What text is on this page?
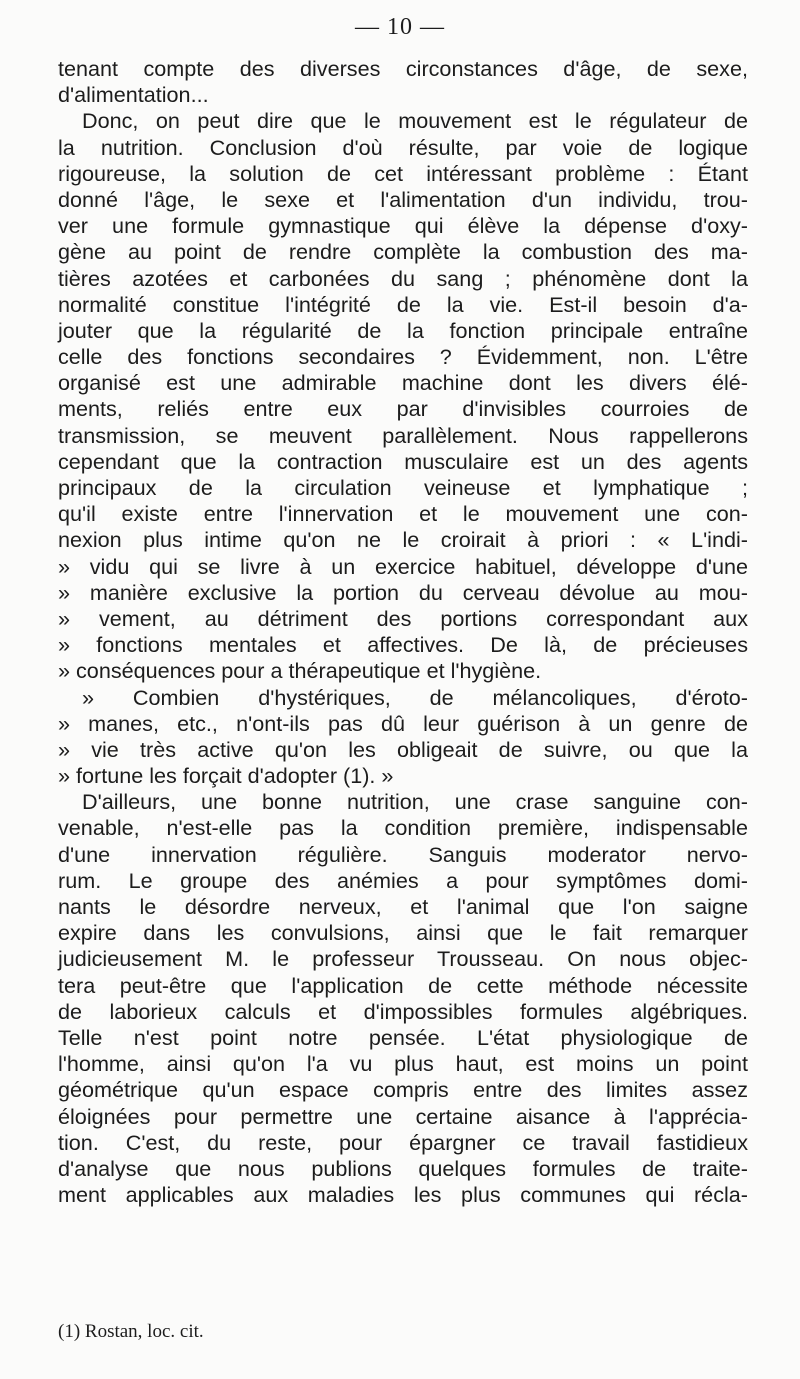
— 10 —
tenant compte des diverses circonstances d'âge, de sexe,
d'alimentation...
Donc, on peut dire que le mouvement est le régulateur de
la nutrition. Conclusion d'où résulte, par voie de logique
rigoureuse, la solution de cet intéressant problème : Étant
donné l'âge, le sexe et l'alimentation d'un individu, trou-
ver une formule gymnastique qui élève la dépense d'oxy-
gène au point de rendre complète la combustion des ma-
tières azotées et carbonées du sang ; phénomène dont la
normalité constitue l'intégrité de la vie. Est-il besoin d'a-
jouter que la régularité de la fonction principale entraîne
celle des fonctions secondaires ? Évidemment, non. L'être
organisé est une admirable machine dont les divers élé-
ments, reliés entre eux par d'invisibles courroies de
transmission, se meuvent parallèlement. Nous rappellerons
cependant que la contraction musculaire est un des agents
principaux de la circulation veineuse et lymphatique ;
qu'il existe entre l'innervation et le mouvement une con-
nexion plus intime qu'on ne le croirait à priori : « L'indi-
» vidu qui se livre à un exercice habituel, développe d'une
» manière exclusive la portion du cerveau dévolue au mou-
» vement, au détriment des portions correspondant aux
» fonctions mentales et affectives. De là, de précieuses
» conséquences pour a thérapeutique et l'hygiène.
» Combien d'hystériques, de mélancoliques, d'éroto-
» manes, etc., n'ont-ils pas dû leur guérison à un genre de
» vie très active qu'on les obligeait de suivre, ou que la
» fortune les forçait d'adopter (1). »
D'ailleurs, une bonne nutrition, une crase sanguine con-
venable, n'est-elle pas la condition première, indispensable
d'une innervation régulière. Sanguis moderator nervo-
rum. Le groupe des anémies a pour symptômes domi-
nants le désordre nerveux, et l'animal que l'on saigne
expire dans les convulsions, ainsi que le fait remarquer
judicieusement M. le professeur Trousseau. On nous objec-
tera peut-être que l'application de cette méthode nécessite
de laborieux calculs et d'impossibles formules algébriques.
Telle n'est point notre pensée. L'état physiologique de
l'homme, ainsi qu'on l'a vu plus haut, est moins un point
géométrique qu'un espace compris entre des limites assez
éloignées pour permettre une certaine aisance à l'apprécia-
tion. C'est, du reste, pour épargner ce travail fastidieux
d'analyse que nous publions quelques formules de traite-
ment applicables aux maladies les plus communes qui récla-
(1) Rostan, loc. cit.
